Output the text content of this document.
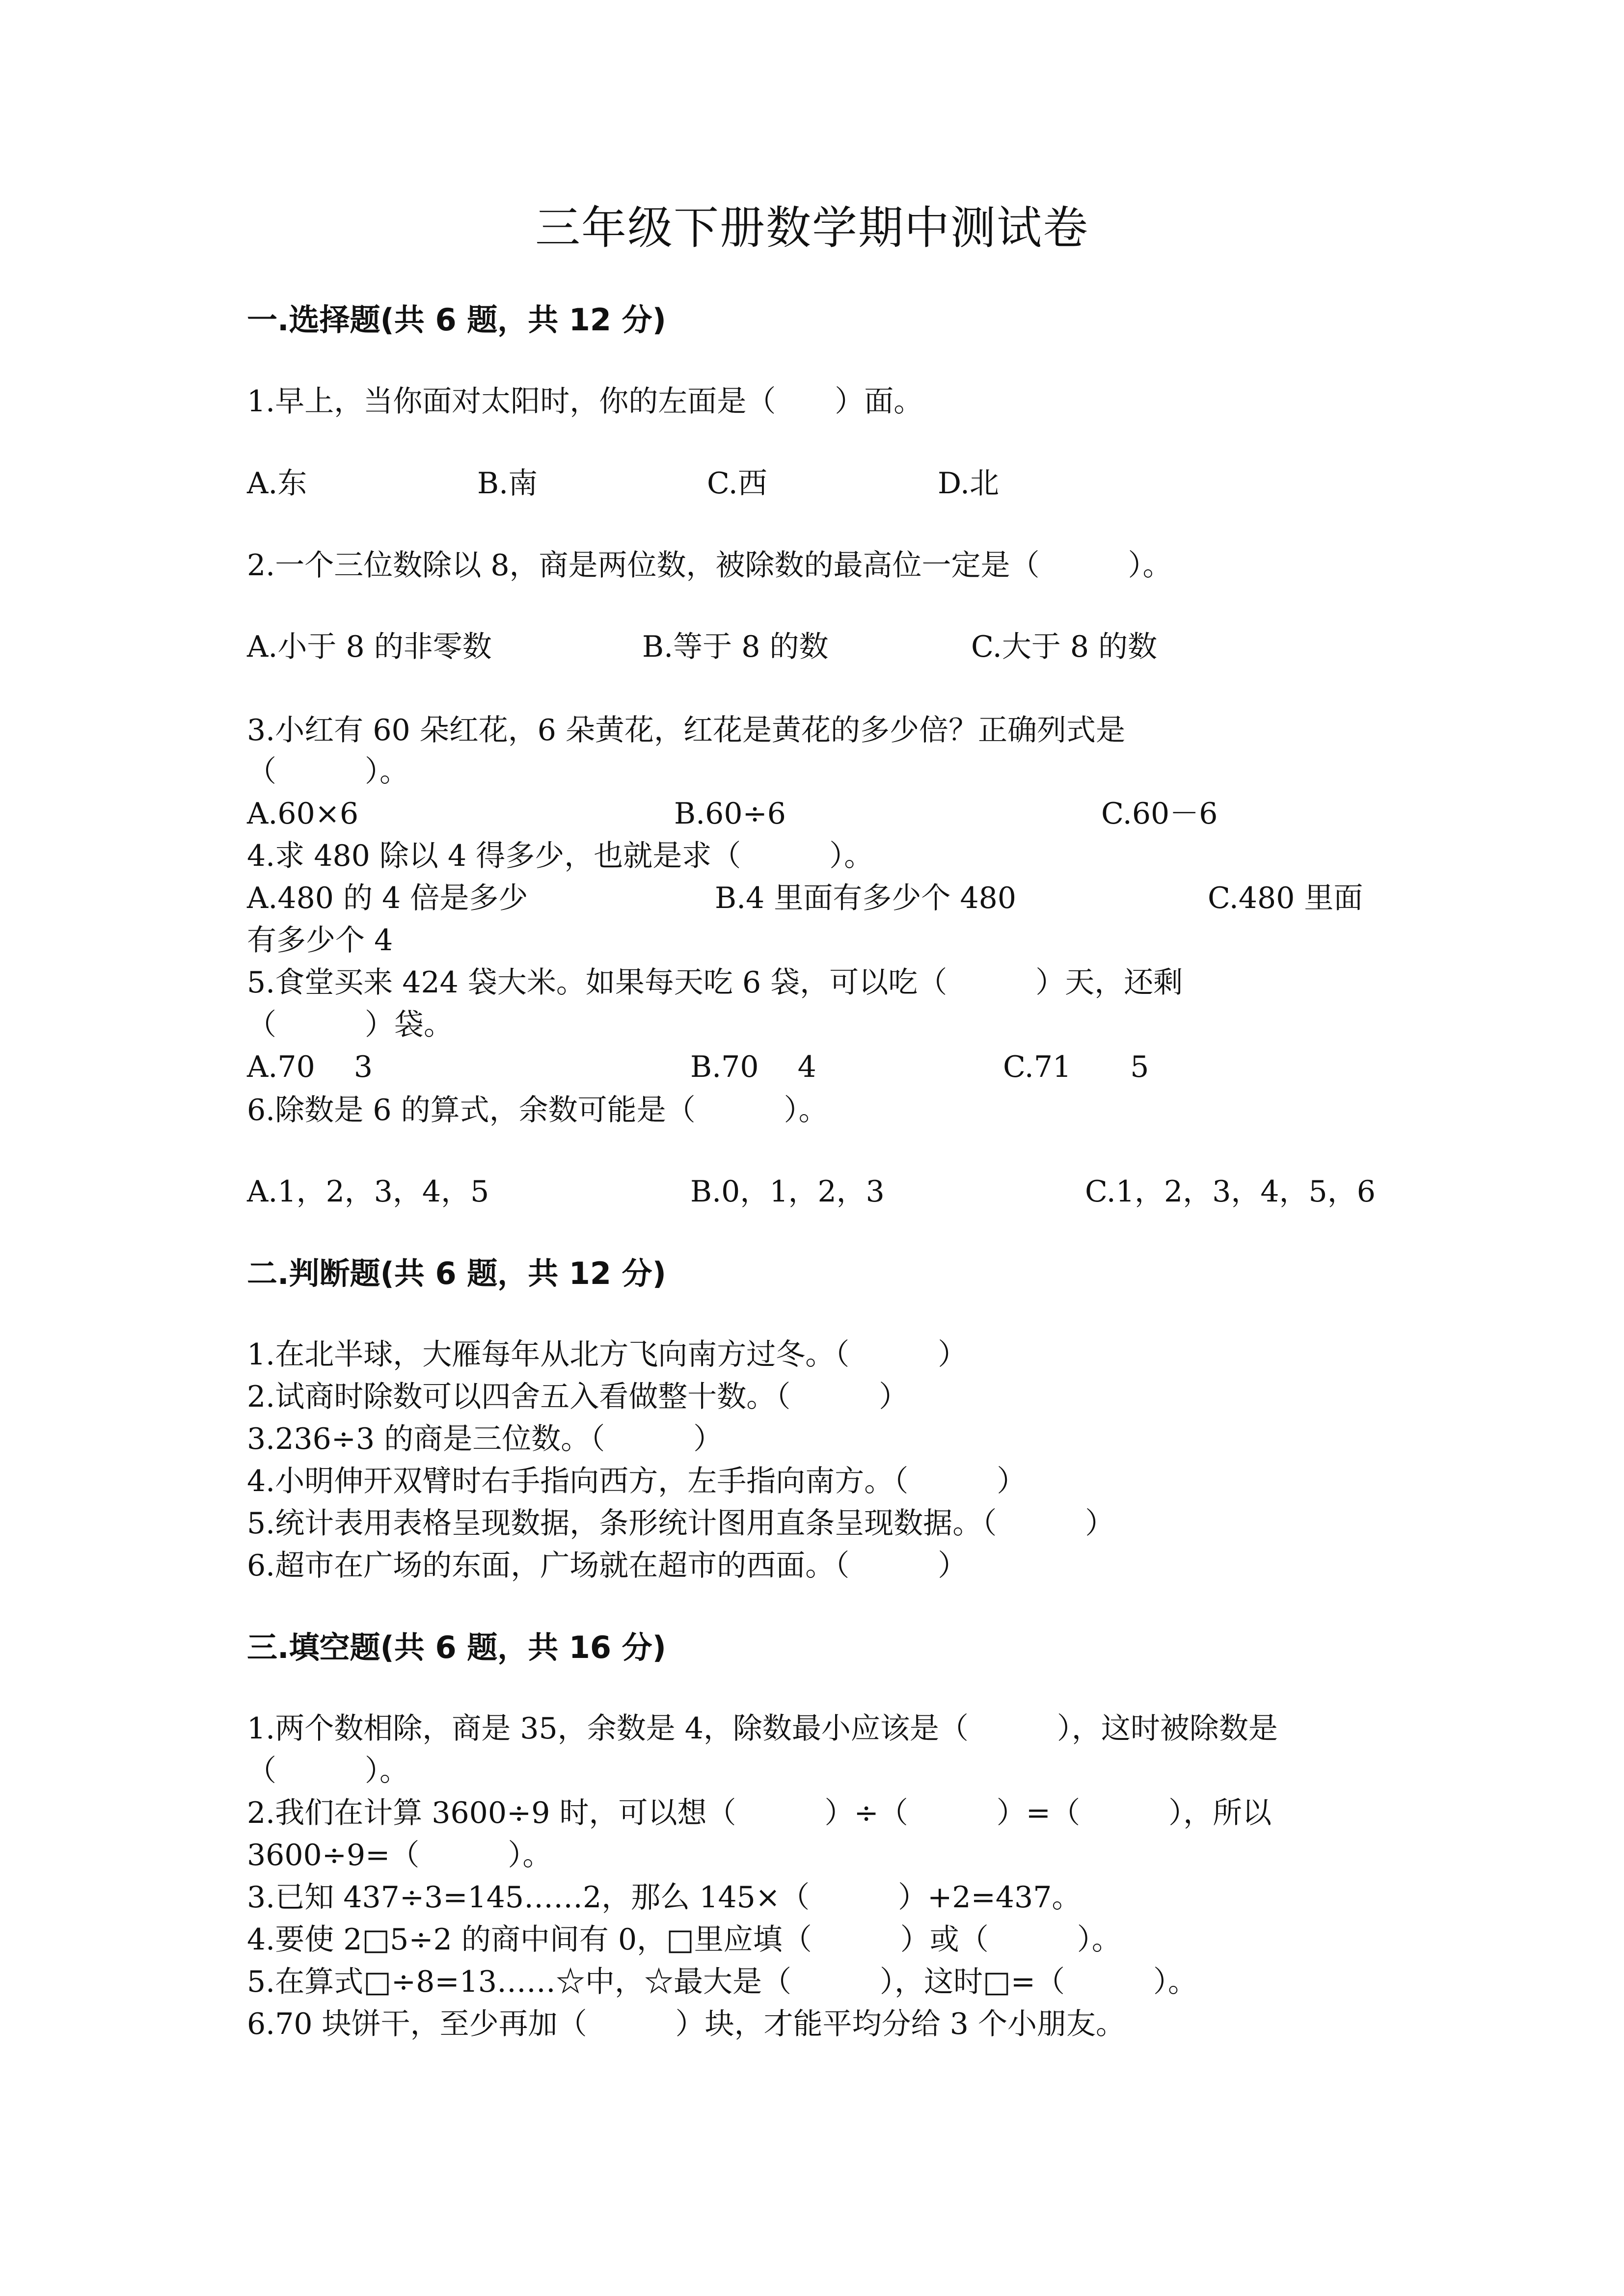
三年级下册数学期中测试卷
一.选择题(共 6 题，共 12 分)
1.早上，当你面对太阳时，你的左面是（　　）面。
A.东	B.南	C.西	D.北
2.一个三位数除以 8，商是两位数，被除数的最高位一定是（　　　）。
A.小于 8 的非零数	B.等于 8 的数	C.大于 8 的数
3.小红有 60 朵红花，6 朵黄花，红花是黄花的多少倍？正确列式是
（　　　）。
A.60×6	B.60÷6	C.60－6
4.求 480 除以 4 得多少，也就是求（　　　）。
A.480 的 4 倍是多少	B.4 里面有多少个 480	C.480 里面
有多少个 4
5.食堂买来 424 袋大米。如果每天吃 6 袋，可以吃（　　　）天，还剩
（　　　）袋。
A.70　 3	B.70　 4	C.71　　5
6.除数是 6 的算式，余数可能是（　　　）。
A.1，2，3，4，5	B.0，1，2，3	C.1，2，3，4，5，6
二.判断题(共 6 题，共 12 分)
1.在北半球，大雁每年从北方飞向南方过冬。（　　　）
2.试商时除数可以四舍五入看做整十数。（　　　）
3.236÷3 的商是三位数。（　　　）
4.小明伸开双臂时右手指向西方，左手指向南方。（　　　）
5.统计表用表格呈现数据，条形统计图用直条呈现数据。（　　　）
6.超市在广场的东面，广场就在超市的西面。（　　　）
三.填空题(共 6 题，共 16 分)
1.两个数相除，商是 35，余数是 4，除数最小应该是（　　　），这时被除数是
（　　　）。
2.我们在计算 3600÷9 时，可以想（　　　）÷（　　　）=（　　　），所以
3600÷9=（　　　）。
3.已知 437÷3=145……2，那么 145×（　　　）+2=437。
4.要使 2□5÷2 的商中间有 0，□里应填（　　　）或（　　　）。
5.在算式□÷8=13……☆中，☆最大是（　　　），这时□=（　　　）。
6.70 块饼干，至少再加（　　　）块，才能平均分给 3 个小朋友。
